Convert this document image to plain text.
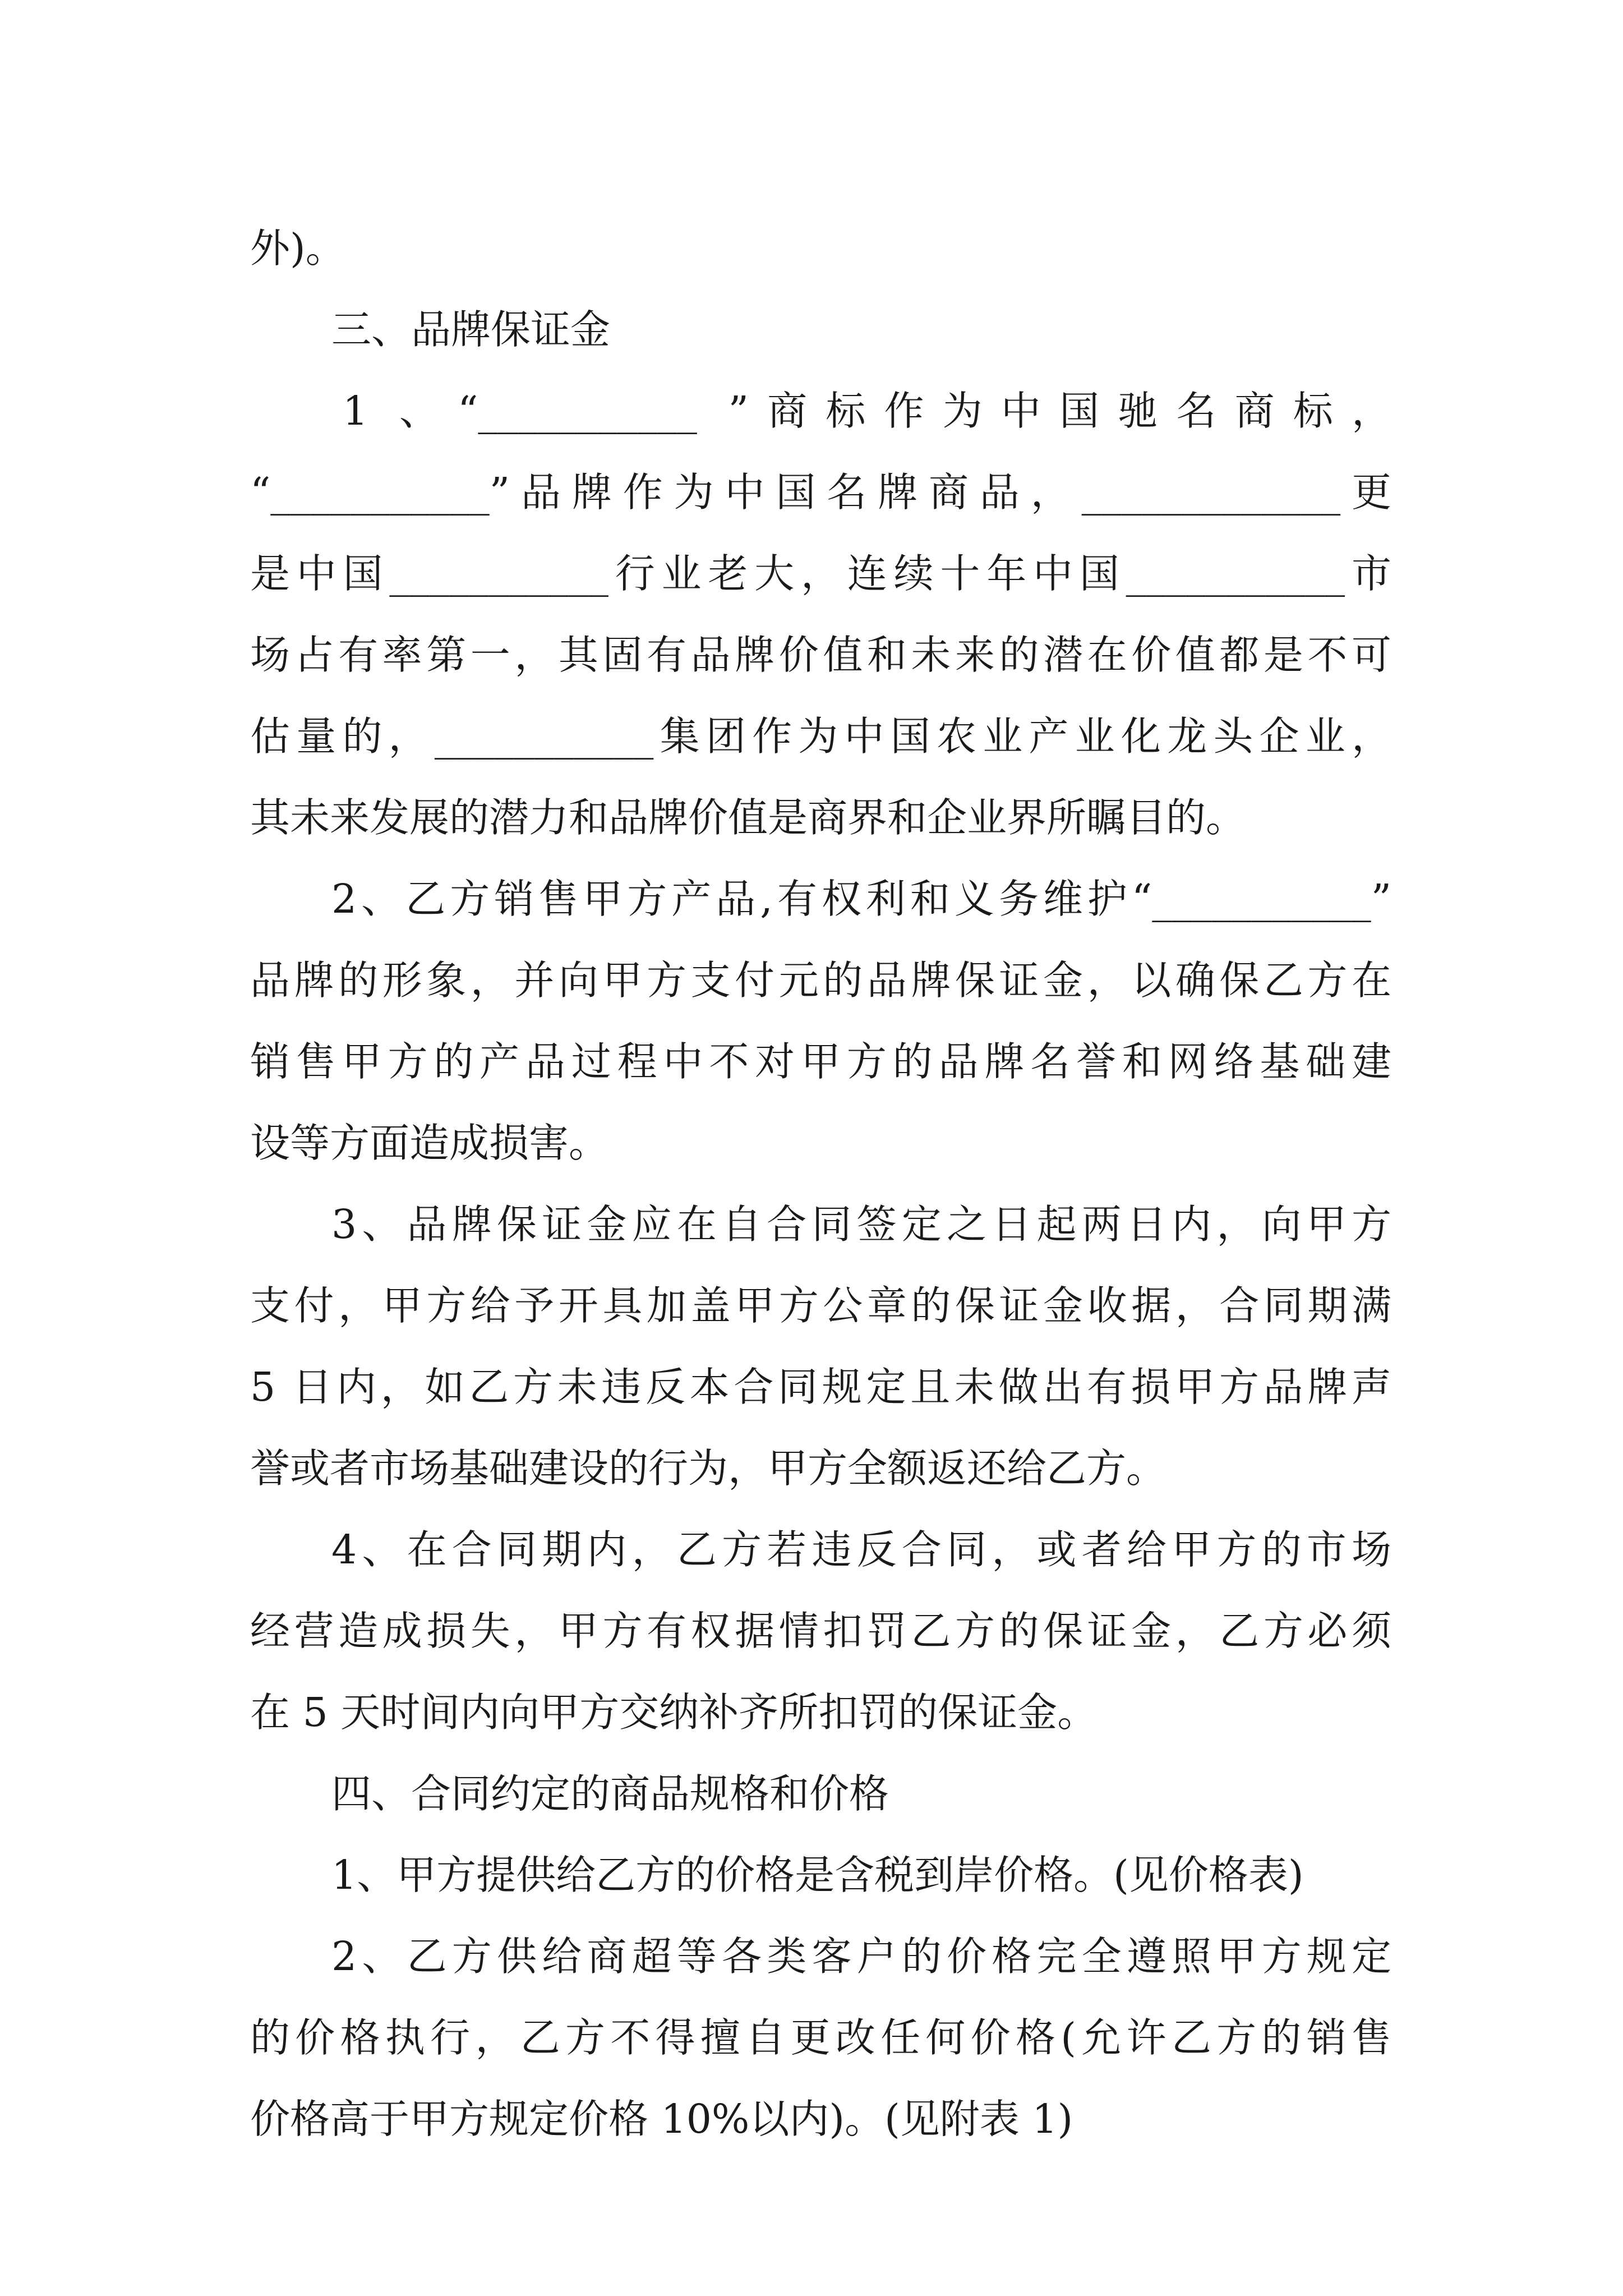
外)。
三、品牌保证金
1 、“___________ ”商标作为中国驰名商标，
“___________”品牌作为中国名牌商品，_____________更
是中国___________行业老大，连续十年中国___________市
场占有率第一，其固有品牌价值和未来的潜在价值都是不可
估量的，___________集团作为中国农业产业化龙头企业，
其未来发展的潜力和品牌价值是商界和企业界所瞩目的。
2、乙方销售甲方产品,有权利和义务维护“___________”
品牌的形象，并向甲方支付元的品牌保证金，以确保乙方在
销售甲方的产品过程中不对甲方的品牌名誉和网络基础建
设等方面造成损害。
3、品牌保证金应在自合同签定之日起两日内，向甲方
支付，甲方给予开具加盖甲方公章的保证金收据，合同期满
5 日内，如乙方未违反本合同规定且未做出有损甲方品牌声
誉或者市场基础建设的行为，甲方全额返还给乙方。
4、在合同期内，乙方若违反合同，或者给甲方的市场
经营造成损失，甲方有权据情扣罚乙方的保证金，乙方必须
在 5 天时间内向甲方交纳补齐所扣罚的保证金。
四、合同约定的商品规格和价格
1、甲方提供给乙方的价格是含税到岸价格。(见价格表)
2、乙方供给商超等各类客户的价格完全遵照甲方规定
的价格执行，乙方不得擅自更改任何价格(允许乙方的销售
价格高于甲方规定价格 10%以内)。(见附表 1)
